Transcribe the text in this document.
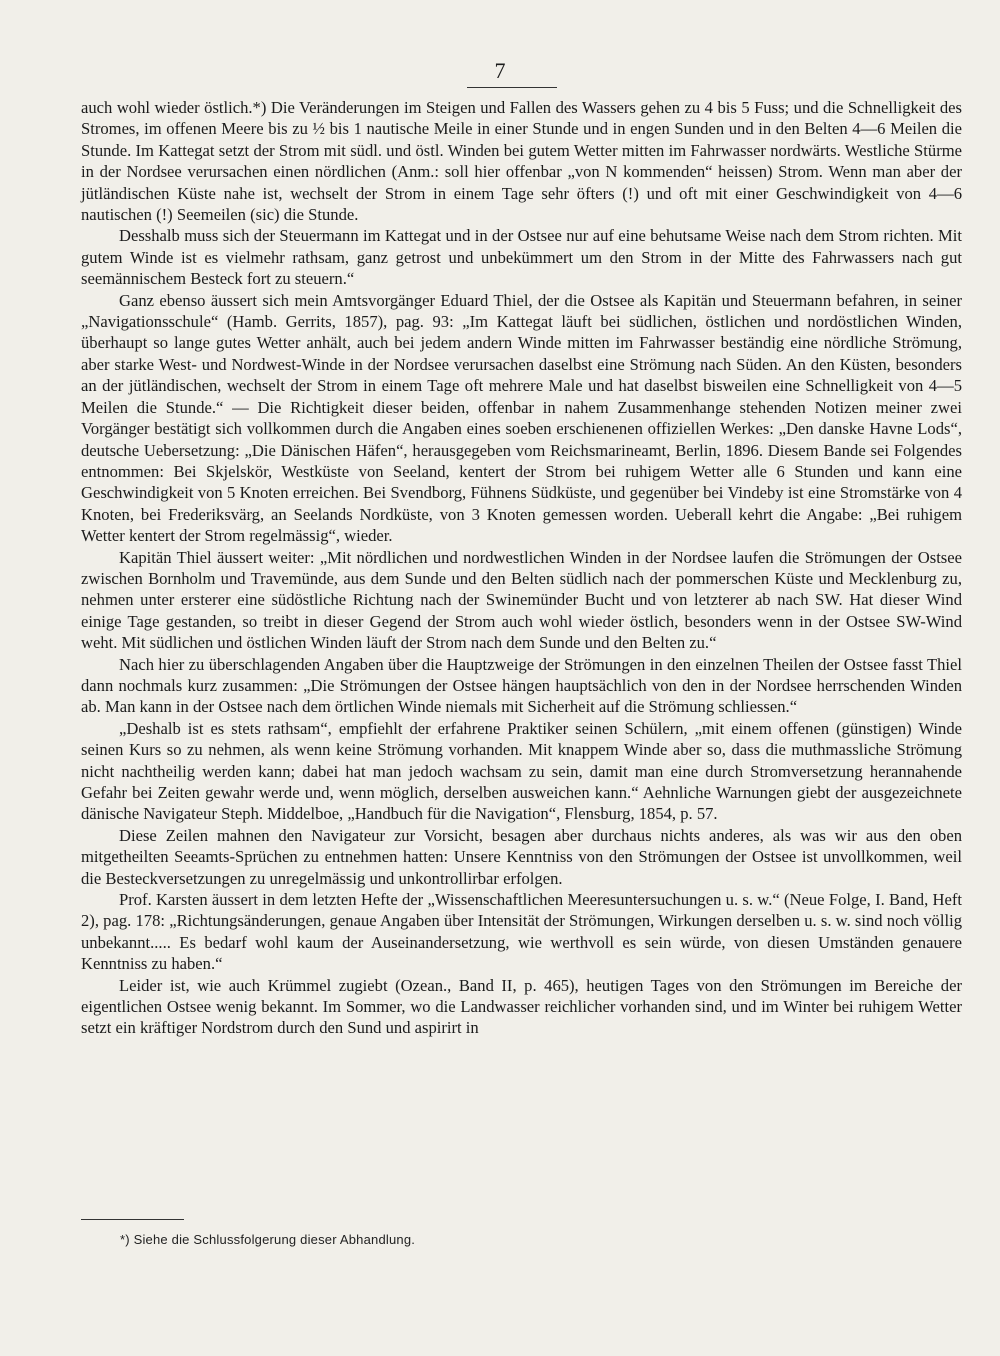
7

auch wohl wieder östlich.*) Die Veränderungen im Steigen und Fallen des Wassers gehen zu 4 bis 5 Fuss; und die Schnelligkeit des Stromes, im offenen Meere bis zu ½ bis 1 nautische Meile in einer Stunde und in engen Sunden und in den Belten 4—6 Meilen die Stunde. Im Kattegat setzt der Strom mit südl. und östl. Winden bei gutem Wetter mitten im Fahrwasser nordwärts. Westliche Stürme in der Nordsee verursachen einen nördlichen (Anm.: soll hier offenbar „von N kommenden“ heissen) Strom. Wenn man aber der jütländischen Küste nahe ist, wechselt der Strom in einem Tage sehr öfters (!) und oft mit einer Geschwindigkeit von 4—6 nautischen (!) Seemeilen (sic) die Stunde.

Desshalb muss sich der Steuermann im Kattegat und in der Ostsee nur auf eine behutsame Weise nach dem Strom richten. Mit gutem Winde ist es vielmehr rathsam, ganz getrost und unbekümmert um den Strom in der Mitte des Fahrwassers nach gut seemännischem Besteck fort zu steuern.“

Ganz ebenso äussert sich mein Amtsvorgänger Eduard Thiel, der die Ostsee als Kapitän und Steuermann befahren, in seiner „Navigationsschule“ (Hamb. Gerrits, 1857), pag. 93: „Im Kattegat läuft bei südlichen, östlichen und nordöstlichen Winden, überhaupt so lange gutes Wetter anhält, auch bei jedem andern Winde mitten im Fahrwasser beständig eine nördliche Strömung, aber starke West- und Nordwest-Winde in der Nordsee verursachen daselbst eine Strömung nach Süden. An den Küsten, besonders an der jütländischen, wechselt der Strom in einem Tage oft mehrere Male und hat daselbst bisweilen eine Schnelligkeit von 4—5 Meilen die Stunde.“ — Die Richtigkeit dieser beiden, offenbar in nahem Zusammenhange stehenden Notizen meiner zwei Vorgänger bestätigt sich vollkommen durch die Angaben eines soeben erschienenen offiziellen Werkes: „Den danske Havne Lods“, deutsche Uebersetzung: „Die Dänischen Häfen“, herausgegeben vom Reichsmarineamt, Berlin, 1896. Diesem Bande sei Folgendes entnommen: Bei Skjelskör, Westküste von Seeland, kentert der Strom bei ruhigem Wetter alle 6 Stunden und kann eine Geschwindigkeit von 5 Knoten erreichen. Bei Svendborg, Fühnens Südküste, und gegenüber bei Vindeby ist eine Stromstärke von 4 Knoten, bei Frederiksvärg, an Seelands Nordküste, von 3 Knoten gemessen worden. Ueberall kehrt die Angabe: „Bei ruhigem Wetter kentert der Strom regelmässig“, wieder.

Kapitän Thiel äussert weiter: „Mit nördlichen und nordwestlichen Winden in der Nordsee laufen die Strömungen der Ostsee zwischen Bornholm und Travemünde, aus dem Sunde und den Belten südlich nach der pommerschen Küste und Mecklenburg zu, nehmen unter ersterer eine südöstliche Richtung nach der Swinemünder Bucht und von letzterer ab nach SW. Hat dieser Wind einige Tage gestanden, so treibt in dieser Gegend der Strom auch wohl wieder östlich, besonders wenn in der Ostsee SW-Wind weht. Mit südlichen und östlichen Winden läuft der Strom nach dem Sunde und den Belten zu.“

Nach hier zu überschlagenden Angaben über die Hauptzweige der Strömungen in den einzelnen Theilen der Ostsee fasst Thiel dann nochmals kurz zusammen: „Die Strömungen der Ostsee hängen hauptsächlich von den in der Nordsee herrschenden Winden ab. Man kann in der Ostsee nach dem örtlichen Winde niemals mit Sicherheit auf die Strömung schliessen.“

„Deshalb ist es stets rathsam“, empfiehlt der erfahrene Praktiker seinen Schülern, „mit einem offenen (günstigen) Winde seinen Kurs so zu nehmen, als wenn keine Strömung vorhanden. Mit knappem Winde aber so, dass die muthmassliche Strömung nicht nachtheilig werden kann; dabei hat man jedoch wachsam zu sein, damit man eine durch Stromversetzung herannahende Gefahr bei Zeiten gewahr werde und, wenn möglich, derselben ausweichen kann.“ Aehnliche Warnungen giebt der ausgezeichnete dänische Navigateur Steph. Middelboe, „Handbuch für die Navigation“, Flensburg, 1854, p. 57.

Diese Zeilen mahnen den Navigateur zur Vorsicht, besagen aber durchaus nichts anderes, als was wir aus den oben mitgetheilten Seeamts-Sprüchen zu entnehmen hatten: Unsere Kenntniss von den Strömungen der Ostsee ist unvollkommen, weil die Besteckversetzungen zu unregelmässig und unkontrollirbar erfolgen.

Prof. Karsten äussert in dem letzten Hefte der „Wissenschaftlichen Meeresuntersuchungen u. s. w.“ (Neue Folge, I. Band, Heft 2), pag. 178: „Richtungsänderungen, genaue Angaben über Intensität der Strömungen, Wirkungen derselben u. s. w. sind noch völlig unbekannt..... Es bedarf wohl kaum der Auseinandersetzung, wie werthvoll es sein würde, von diesen Umständen genauere Kenntniss zu haben.“

Leider ist, wie auch Krümmel zugiebt (Ozean., Band II, p. 465), heutigen Tages von den Strömungen im Bereiche der eigentlichen Ostsee wenig bekannt. Im Sommer, wo die Landwasser reichlicher vorhanden sind, und im Winter bei ruhigem Wetter setzt ein kräftiger Nordstrom durch den Sund und aspirirt in

*) Siehe die Schlussfolgerung dieser Abhandlung.
